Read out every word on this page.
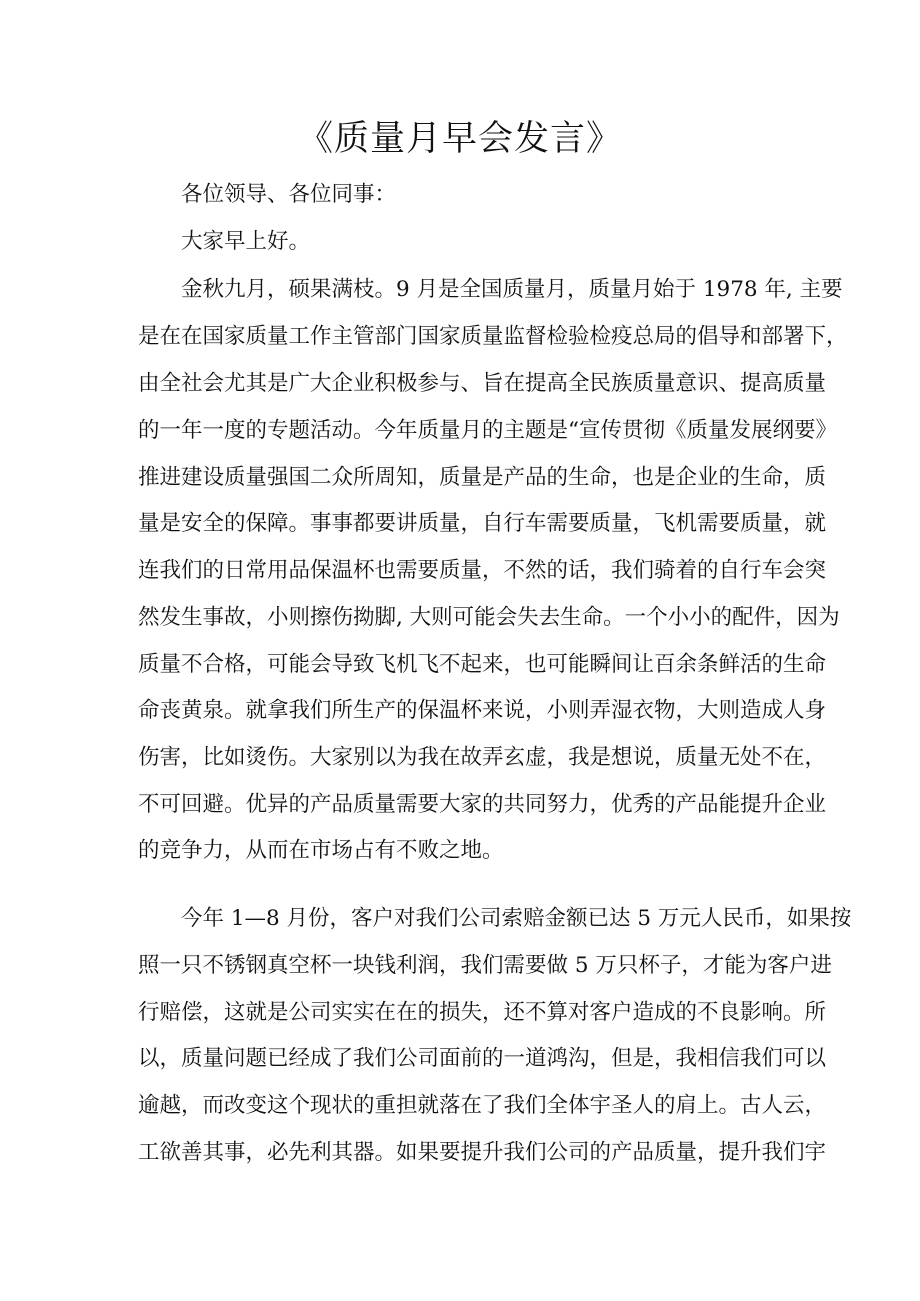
《质量月早会发言》
各位领导、各位同事：
大家早上好。
金秋九月，硕果满枝。9 月是全国质量月，质量月始于 1978 年, 主要
是在在国家质量工作主管部门国家质量监督检验检疫总局的倡导和部署下，
由全社会尤其是广大企业积极参与、旨在提高全民族质量意识、提高质量
的一年一度的专题活动。今年质量月的主题是“宣传贯彻《质量发展纲要》
推进建设质量强国二众所周知，质量是产品的生命，也是企业的生命，质
量是安全的保障。事事都要讲质量，自行车需要质量，飞机需要质量，就
连我们的日常用品保温杯也需要质量，不然的话，我们骑着的自行车会突
然发生事故，小则擦伤拗脚, 大则可能会失去生命。一个小小的配件，因为
质量不合格，可能会导致飞机飞不起来，也可能瞬间让百余条鲜活的生命
命丧黄泉。就拿我们所生产的保温杯来说，小则弄湿衣物，大则造成人身
伤害，比如烫伤。大家别以为我在故弄玄虚，我是想说，质量无处不在，
不可回避。优异的产品质量需要大家的共同努力，优秀的产品能提升企业
的竞争力，从而在市场占有不败之地。
今年 1—8 月份，客户对我们公司索赔金额已达 5 万元人民币，如果按
照一只不锈钢真空杯一块钱利润，我们需要做 5 万只杯子，才能为客户进
行赔偿，这就是公司实实在在的损失，还不算对客户造成的不良影响。所
以，质量问题已经成了我们公司面前的一道鸿沟，但是，我相信我们可以
逾越，而改变这个现状的重担就落在了我们全体宇圣人的肩上。古人云，
工欲善其事，必先利其器。如果要提升我们公司的产品质量，提升我们宇
